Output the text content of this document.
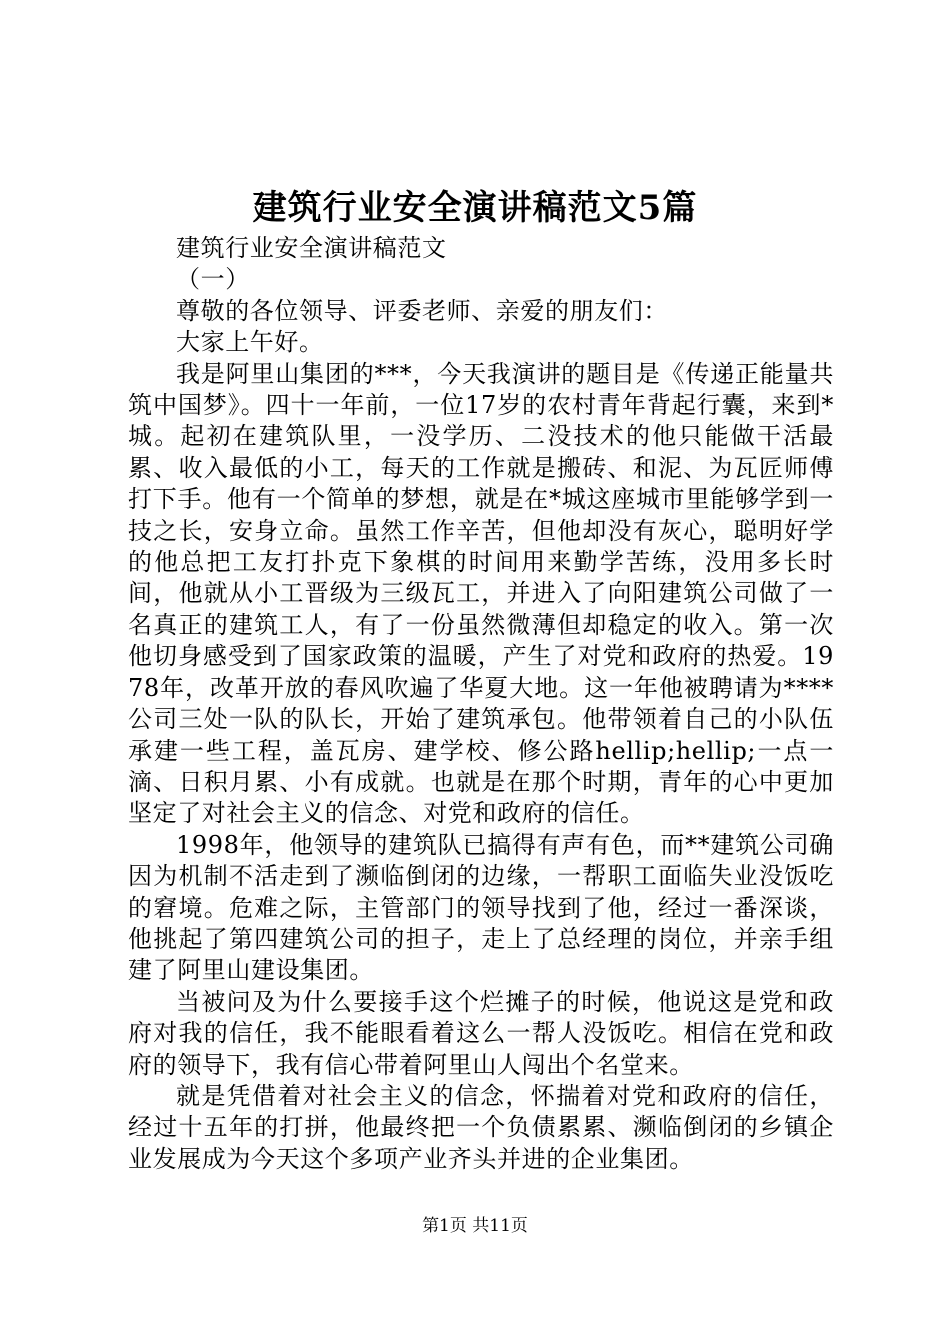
建筑行业安全演讲稿范文5篇

建筑行业安全演讲稿范文

（一）

尊敬的各位领导、评委老师、亲爱的朋友们：

大家上午好。

我是阿里山集团的***，今天我演讲的题目是《传递正能量共筑中国梦》。四十一年前，一位17岁的农村青年背起行囊，来到*城。起初在建筑队里，一没学历、二没技术的他只能做干活最累、收入最低的小工，每天的工作就是搬砖、和泥、为瓦匠师傅打下手。他有一个简单的梦想，就是在*城这座城市里能够学到一技之长，安身立命。虽然工作辛苦，但他却没有灰心，聪明好学的他总把工友打扑克下象棋的时间用来勤学苦练，没用多长时间，他就从小工晋级为三级瓦工，并进入了向阳建筑公司做了一名真正的建筑工人，有了一份虽然微薄但却稳定的收入。第一次他切身感受到了国家政策的温暖，产生了对党和政府的热爱。1978年，改革开放的春风吹遍了华夏大地。这一年他被聘请为****公司三处一队的队长，开始了建筑承包。他带领着自己的小队伍承建一些工程，盖瓦房、建学校、修公路hellip;hellip;一点一滴、日积月累、小有成就。也就是在那个时期，青年的心中更加坚定了对社会主义的信念、对党和政府的信任。

1998年，他领导的建筑队已搞得有声有色，而**建筑公司确因为机制不活走到了濒临倒闭的边缘，一帮职工面临失业没饭吃的窘境。危难之际，主管部门的领导找到了他，经过一番深谈，他挑起了第四建筑公司的担子，走上了总经理的岗位，并亲手组建了阿里山建设集团。

当被问及为什么要接手这个烂摊子的时候，他说这是党和政府对我的信任，我不能眼看着这么一帮人没饭吃。相信在党和政府的领导下，我有信心带着阿里山人闯出个名堂来。

就是凭借着对社会主义的信念，怀揣着对党和政府的信任，经过十五年的打拼，他最终把一个负债累累、濒临倒闭的乡镇企业发展成为今天这个多项产业齐头并进的企业集团。

第1页 共11页
